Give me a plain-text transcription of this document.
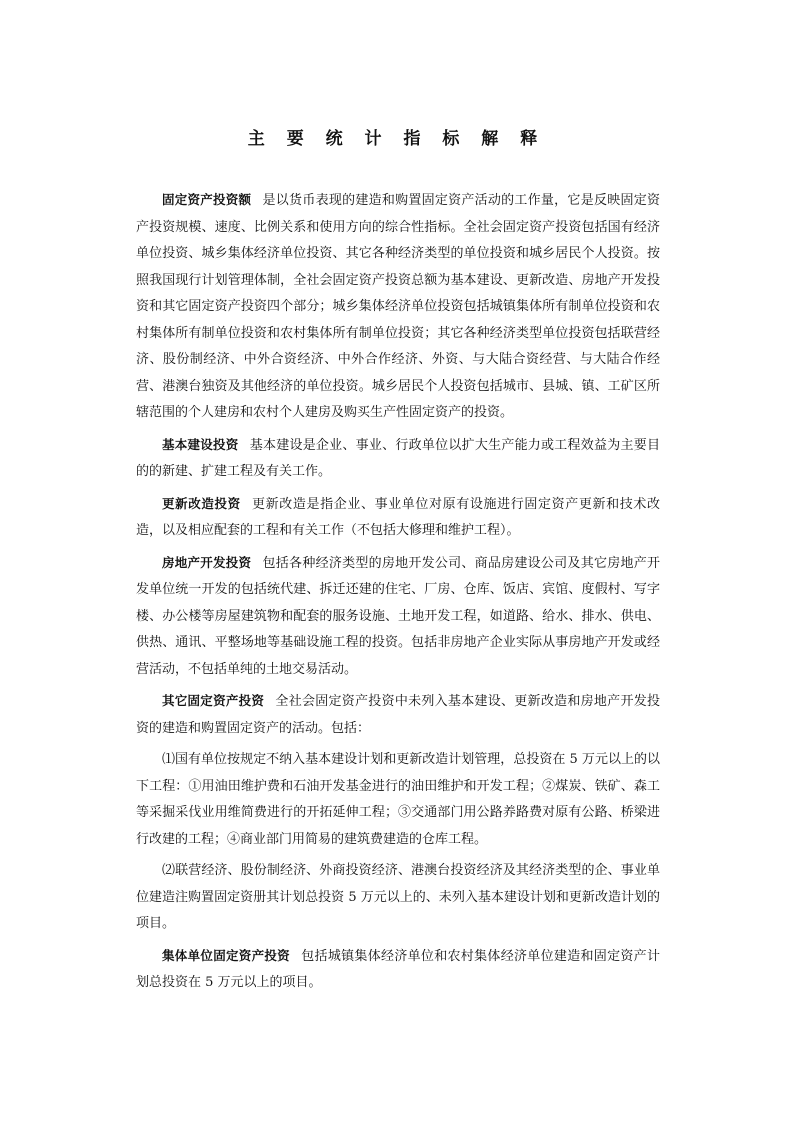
主 要 统 计 指 标 解 释

固定资产投资额 是以货币表现的建造和购置固定资产活动的工作量，它是反映固定资产投资规模、速度、比例关系和使用方向的综合性指标。全社会固定资产投资包括国有经济单位投资、城乡集体经济单位投资、其它各种经济类型的单位投资和城乡居民个人投资。按照我国现行计划管理体制，全社会固定资产投资总额为基本建设、更新改造、房地产开发投资和其它固定资产投资四个部分；城乡集体经济单位投资包括城镇集体所有制单位投资和农村集体所有制单位投资和农村集体所有制单位投资；其它各种经济类型单位投资包括联营经济、股份制经济、中外合资经济、中外合作经济、外资、与大陆合资经营、与大陆合作经营、港澳台独资及其他经济的单位投资。城乡居民个人投资包括城市、县城、镇、工矿区所辖范围的个人建房和农村个人建房及购买生产性固定资产的投资。

基本建设投资 基本建设是企业、事业、行政单位以扩大生产能力或工程效益为主要目的的新建、扩建工程及有关工作。

更新改造投资 更新改造是指企业、事业单位对原有设施进行固定资产更新和技术改造，以及相应配套的工程和有关工作（不包括大修理和维护工程）。

房地产开发投资 包括各种经济类型的房地开发公司、商品房建设公司及其它房地产开发单位统一开发的包括统代建、拆迁还建的住宅、厂房、仓库、饭店、宾馆、度假村、写字楼、办公楼等房屋建筑物和配套的服务设施、土地开发工程，如道路、给水、排水、供电、供热、通讯、平整场地等基础设施工程的投资。包括非房地产企业实际从事房地产开发或经营活动，不包括单纯的土地交易活动。

其它固定资产投资 全社会固定资产投资中未列入基本建设、更新改造和房地产开发投资的建造和购置固定资产的活动。包括：

⑴国有单位按规定不纳入基本建设计划和更新改造计划管理，总投资在 5 万元以上的以下工程：①用油田维护费和石油开发基金进行的油田维护和开发工程；②煤炭、铁矿、森工等采掘采伐业用维简费进行的开拓延伸工程；③交通部门用公路养路费对原有公路、桥梁进行改建的工程；④商业部门用简易的建筑费建造的仓库工程。

⑵联营经济、股份制经济、外商投资经济、港澳台投资经济及其经济类型的企、事业单位建造注购置固定资册其计划总投资 5 万元以上的、未列入基本建设计划和更新改造计划的项目。

集体单位固定资产投资 包括城镇集体经济单位和农村集体经济单位建造和固定资产计划总投资在 5 万元以上的项目。
